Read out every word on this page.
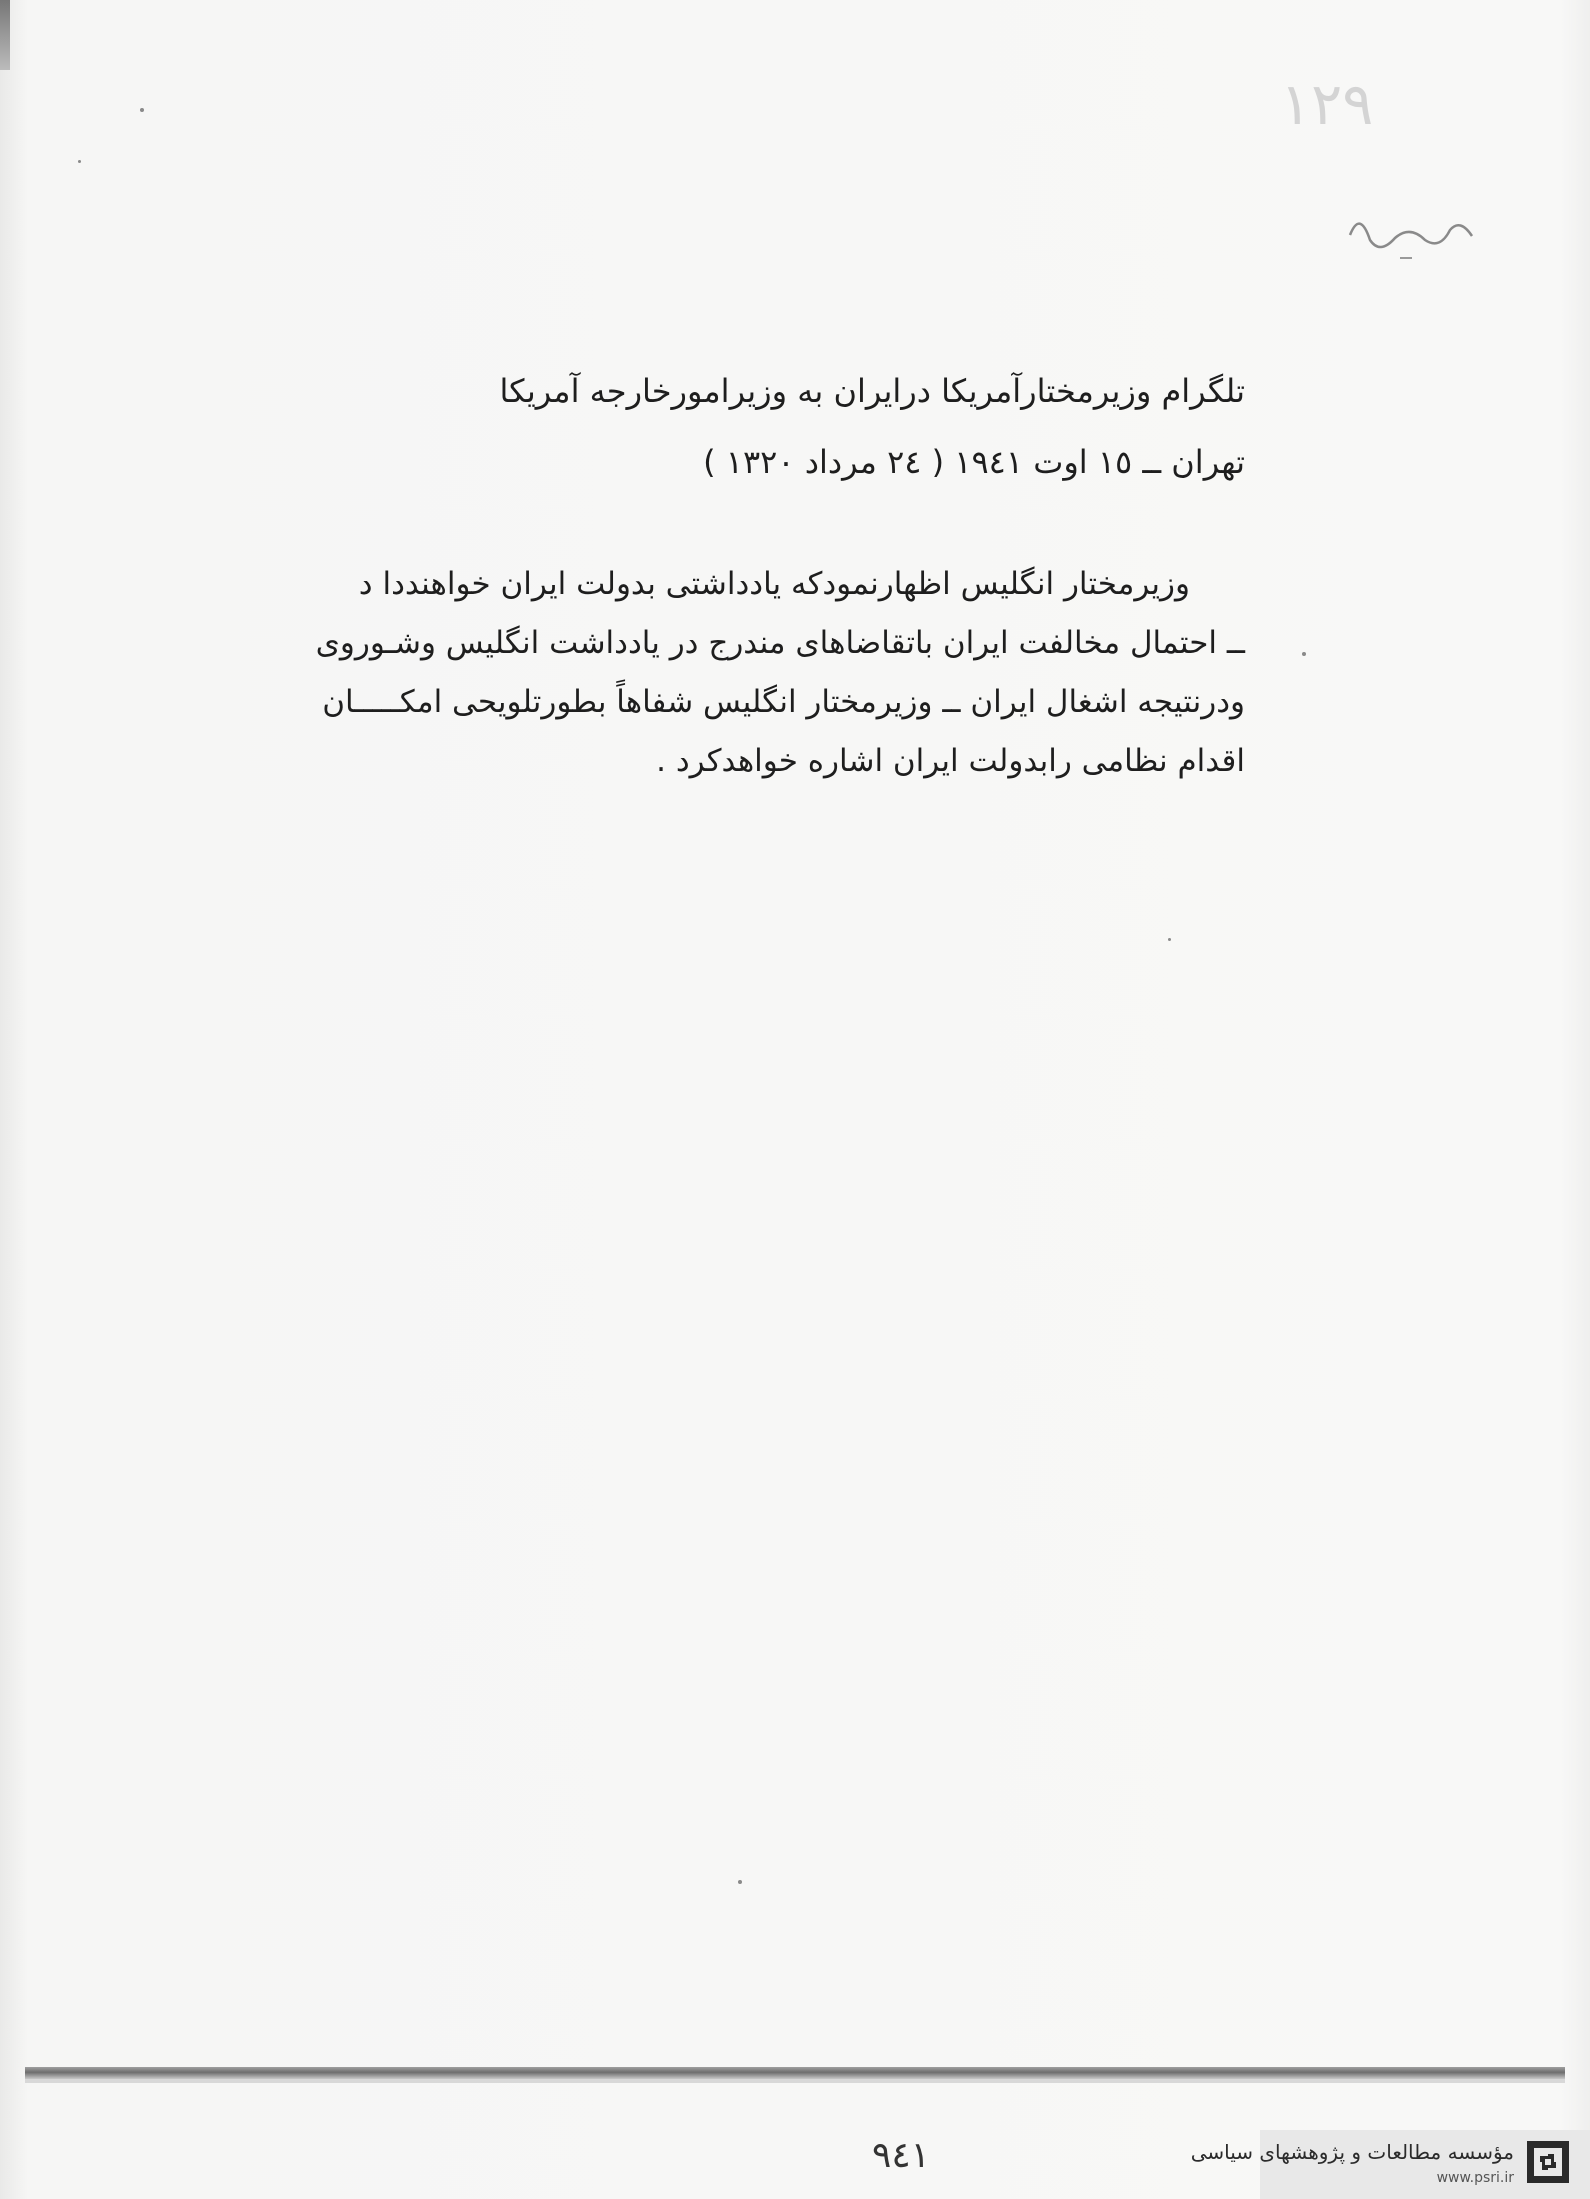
۱۲۹
تلگرام وزیرمختارآمریکا درایران به وزیرامورخارجه آمریکا
تهران ــ ١٥ اوت ١٩٤١ ( ٢٤ مرداد ١٣٢٠ )
وزیرمختار انگلیس اظهارنمودکه یادداشتی بدولت ایران خواهنددا د
ــ احتمال مخالفت ایران باتقاضاهای مندرج در یادداشت انگلیس وشـوروی
ودرنتیجه اشغال ایران ــ وزیرمختار انگلیس شفاهاً بطورتلویحی امکـــــان
اقدام نظامی رابدولت ایران اشاره خواهدکرد .
٩٤١	مؤسسه مطالعات و پژوهشهای سیاسی
www.psri.ir
